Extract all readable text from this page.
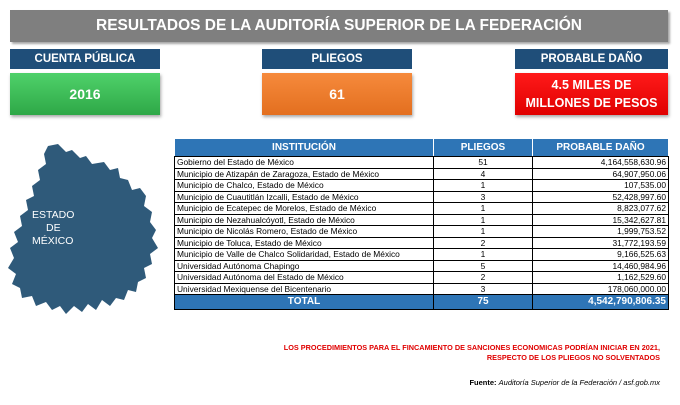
RESULTADOS DE LA AUDITORÍA SUPERIOR DE LA FEDERACIÓN
CUENTA PÚBLICA
2016
PLIEGOS
61
PROBABLE DAÑO
4.5 MILES DE
MILLONES DE PESOS
ESTADO
DE
MÉXICO
INSTITUCIÓN	PLIEGOS	PROBABLE DAÑO
Gobierno del Estado de México	51	4,164,558,630.96
Municipio de Atizapán de Zaragoza, Estado de México	4	64,907,950.06
Municipio de Chalco, Estado de México	1	107,535.00
Municipio de Cuautitlán Izcalli, Estado de México	3	52,428,997.60
Municipio de Ecatepec de Morelos, Estado de México	1	8,823,077.62
Municipio de Nezahualcóyotl, Estado de México	1	15,342,627.81
Municipio de Nicolás Romero, Estado de México	1	1,999,753.52
Municipio de Toluca, Estado de México	2	31,772,193.59
Municipio de Valle de Chalco Solidaridad, Estado de México	1	9,166,525.63
Universidad Autónoma Chapingo	5	14,460,984.96
Universidad Autónoma del Estado de México	2	1,162,529.60
Universidad Mexiquense del Bicentenario	3	178,060,000.00
TOTAL	75	4,542,790,806.35
LOS PROCEDIMIENTOS PARA EL FINCAMIENTO DE SANCIONES ECONOMICAS PODRÍAN INICIAR EN 2021,
RESPECTO DE LOS PLIEGOS NO SOLVENTADOS
Fuente: Auditoría Superior de la Federación / asf.gob.mx
